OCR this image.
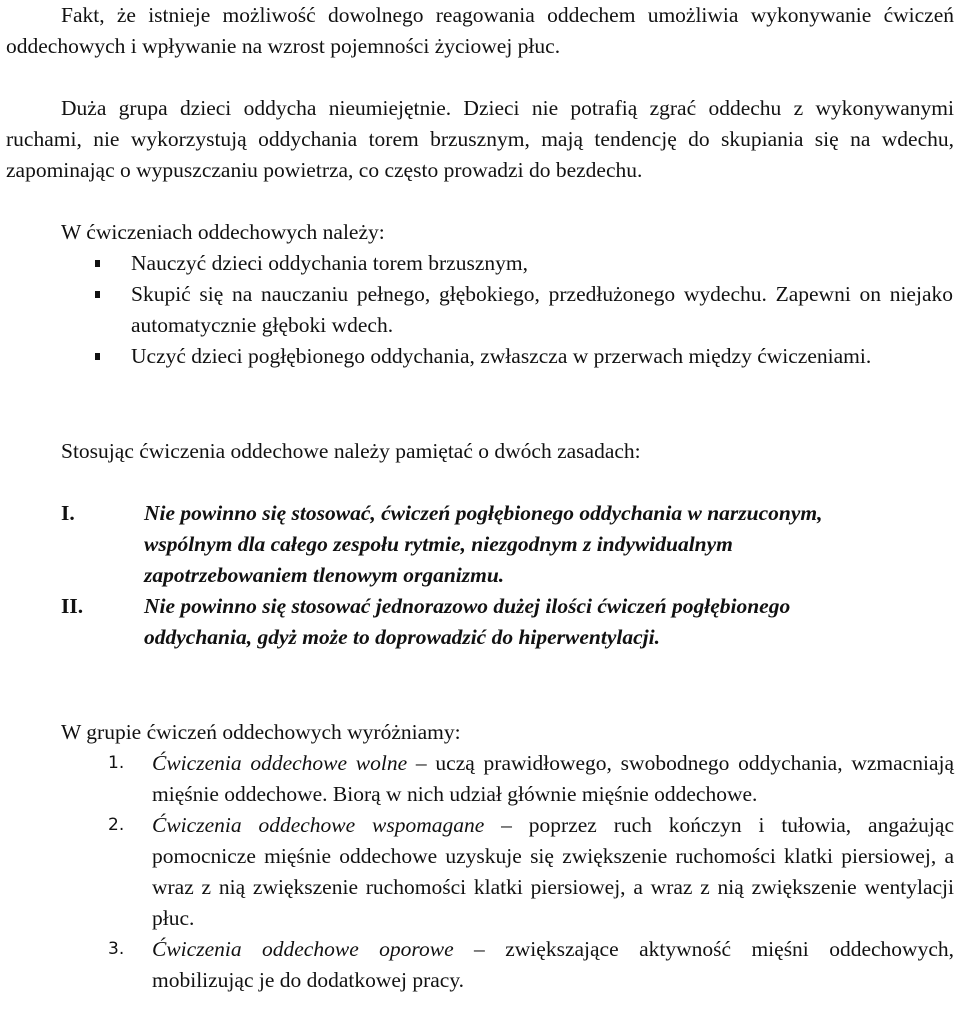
Fakt, że istnieje możliwość dowolnego reagowania oddechem umożliwia wykonywanie ćwiczeń oddechowych i wpływanie na wzrost pojemności życiowej płuc.
Duża grupa dzieci oddycha nieumiejętnie. Dzieci nie potrafią zgrać oddechu z wykonywanymi ruchami, nie wykorzystują oddychania torem brzusznym, mają tendencję do skupiania się na wdechu, zapominając o wypuszczaniu powietrza, co często prowadzi do bezdechu.
W ćwiczeniach oddechowych należy:
Nauczyć dzieci oddychania torem brzusznym,
Skupić się na nauczaniu pełnego, głębokiego, przedłużonego wydechu. Zapewni on niejako automatycznie głęboki wdech.
Uczyć dzieci pogłębionego oddychania, zwłaszcza w przerwach między ćwiczeniami.
Stosując ćwiczenia oddechowe należy pamiętać o dwóch zasadach:
I.	Nie powinno się stosować, ćwiczeń pogłębionego oddychania w narzuconym, wspólnym dla całego zespołu rytmie, niezgodnym z indywidualnym zapotrzebowaniem tlenowym organizmu.
II.	Nie powinno się stosować jednorazowo dużej ilości ćwiczeń pogłębionego oddychania, gdyż może to doprowadzić do hiperwentylacji.
W grupie ćwiczeń oddechowych wyróżniamy:
1. Ćwiczenia oddechowe wolne – uczą prawidłowego, swobodnego oddychania, wzmacniają mięśnie oddechowe. Biorą w nich udział głównie mięśnie oddechowe.
2. Ćwiczenia oddechowe wspomagane – poprzez ruch kończyn i tułowia, angażując pomocnicze mięśnie oddechowe uzyskuje się zwiększenie ruchomości klatki piersiowej, a wraz z nią zwiększenie ruchomości klatki piersiowej, a wraz z nią zwiększenie wentylacji płuc.
3. Ćwiczenia oddechowe oporowe – zwiększające aktywność mięśni oddechowych, mobilizując je do dodatkowej pracy.
